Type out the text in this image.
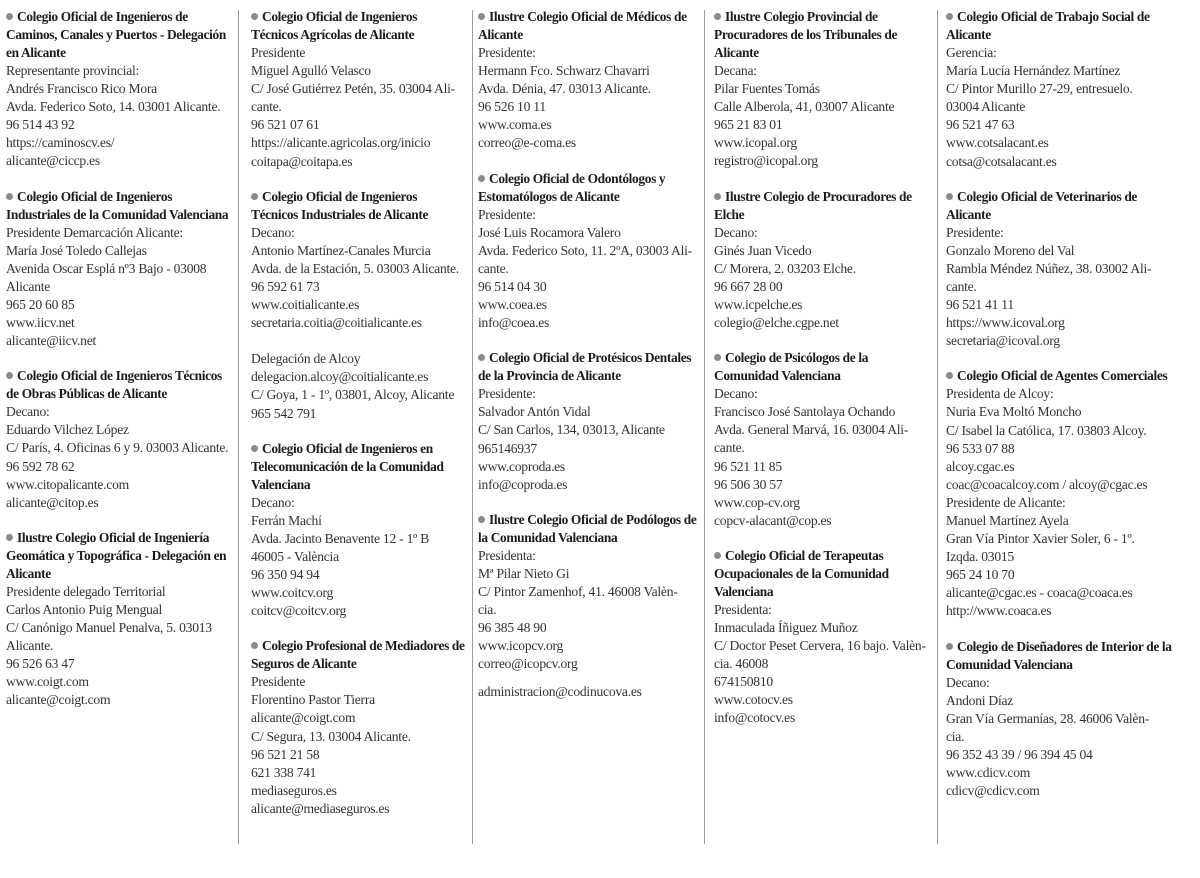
Colegio Oficial de Ingenieros de Caminos, Canales y Puertos - Delegación en Alicante
Representante provincial:
Andrés Francisco Rico Mora
Avda. Federico Soto, 14. 03001 Alicante.
96 514 43 92
https://caminoscv.es/
alicante@ciccp.es
Colegio Oficial de Ingenieros Industriales de la Comunidad Valenciana
Presidente Demarcación Alicante:
María José Toledo Callejas
Avenida Oscar Esplá nº3 Bajo - 03008
Alicante
965 20 60 85
www.iicv.net
alicante@iicv.net
Colegio Oficial de Ingenieros Técnicos de Obras Públicas de Alicante
Decano:
Eduardo Vilchez López
C/ París, 4. Oficinas 6 y 9. 03003 Alicante.
96 592 78 62
www.citopalicante.com
alicante@citop.es
Ilustre Colegio Oficial de Ingeniería Geomática y Topográfica - Delegación en Alicante
Presidente delegado Territorial
Carlos Antonio Puig Mengual
C/ Canónigo Manuel Penalva, 5. 03013
Alicante.
96 526 63 47
www.coigt.com
alicante@coigt.com
Colegio Oficial de Ingenieros Técnicos Agrícolas de Alicante
Presidente
Miguel Agulló Velasco
C/ José Gutiérrez Petén, 35. 03004 Ali-
cante.
96 521 07 61
https://alicante.agricolas.org/inicio
coitapa@coitapa.es
Colegio Oficial de Ingenieros Técnicos Industriales de Alicante
Decano:
Antonio Martínez-Canales Murcia
Avda. de la Estación, 5. 03003 Alicante.
96 592 61 73
www.coitialicante.es
secretaria.coitia@coitialicante.es
Delegación de Alcoy
delegacion.alcoy@coitialicante.es
C/ Goya, 1 - 1º, 03801, Alcoy, Alicante
965 542 791
Colegio Oficial de Ingenieros en Telecomunicación de la Comunidad Valenciana
Decano:
Ferrán Machí
Avda. Jacinto Benavente 12 - 1º B
46005 - València
96 350 94 94
www.coitcv.org
coitcv@coitcv.org
Colegio Profesional de Mediadores de Seguros de Alicante
Presidente
Florentino Pastor Tierra
alicante@coigt.com
C/ Segura, 13. 03004 Alicante.
96 521 21 58
621 338 741
mediaseguros.es
alicante@mediaseguros.es
Ilustre Colegio Oficial de Médicos de Alicante
Presidente:
Hermann Fco. Schwarz Chavarri
Avda. Dénia, 47. 03013 Alicante.
96 526 10 11
www.coma.es
correo@e-coma.es
Colegio Oficial de Odontólogos y Estomatólogos de Alicante
Presidente:
José Luis Rocamora Valero
Avda. Federico Soto, 11. 2ºA, 03003 Ali-
cante.
96 514 04 30
www.coea.es
info@coea.es
Colegio Oficial de Protésicos Dentales de la Provincia de Alicante
Presidente:
Salvador Antón Vidal
C/ San Carlos, 134, 03013, Alicante
965146937
www.coproda.es
info@coproda.es
Ilustre Colegio Oficial de Podólogos de la Comunidad Valenciana
Presidenta:
Mª Pilar Nieto Gi
C/ Pintor Zamenhof, 41. 46008 Valèn-
cia.
96 385 48 90
www.icopcv.org
correo@icopcv.org
administracion@codinucova.es
Ilustre Colegio Provincial de Procuradores de los Tribunales de Alicante
Decana:
Pilar Fuentes Tomás
Calle Alberola, 41, 03007 Alicante
965 21 83 01
www.icopal.org
registro@icopal.org
Ilustre Colegio de Procuradores de Elche
Decano:
Ginés Juan Vicedo
C/ Morera, 2. 03203 Elche.
96 667 28 00
www.icpelche.es
colegio@elche.cgpe.net
Colegio de Psicólogos de la Comunidad Valenciana
Decano:
Francisco José Santolaya Ochando
Avda. General Marvá, 16. 03004 Ali-
cante.
96 521 11 85
96 506 30 57
www.cop-cv.org
copcv-alacant@cop.es
Colegio Oficial de Terapeutas Ocupacionales de la Comunidad Valenciana
Presidenta:
Inmaculada Íñiguez Muñoz
C/ Doctor Peset Cervera, 16 bajo. Valèn-
cia. 46008
674150810
www.cotocv.es
info@cotocv.es
Colegio Oficial de Trabajo Social de Alicante
Gerencia:
María Lucía Hernández Martínez
C/ Pintor Murillo 27-29, entresuelo.
03004 Alicante
96 521 47 63
www.cotsalacant.es
cotsa@cotsalacant.es
Colegio Oficial de Veterinarios de Alicante
Presidente:
Gonzalo Moreno del Val
Rambla Méndez Núñez, 38. 03002 Ali-
cante.
96 521 41 11
https://www.icoval.org
secretaria@icoval.org
Colegio Oficial de Agentes Comerciales
Presidenta de Alcoy:
Nuria Eva Moltó Moncho
C/ Isabel la Católica, 17. 03803 Alcoy.
96 533 07 88
alcoy.cgac.es
coac@coacalcoy.com / alcoy@cgac.es
Presidente de Alicante:
Manuel Martínez Ayela
Gran Vía Pintor Xavier Soler, 6 - 1º.
Izqda. 03015
965 24 10 70
alicante@cgac.es - coaca@coaca.es
http://www.coaca.es
Colegio de Diseñadores de Interior de la Comunidad Valenciana
Decano:
Andoni Díaz
Gran Vía Germanías, 28. 46006 Valèn-
cia.
96 352 43 39 / 96 394 45 04
www.cdicv.com
cdicv@cdicv.com
